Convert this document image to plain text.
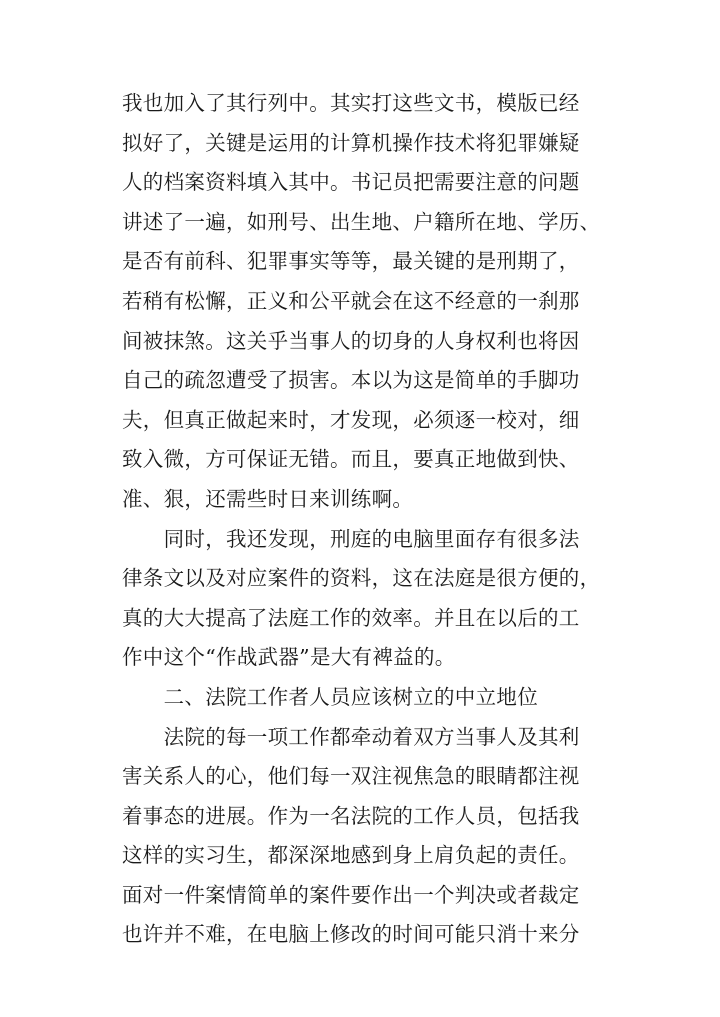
我也加入了其行列中。其实打这些文书，模版已经
拟好了，关键是运用的计算机操作技术将犯罪嫌疑
人的档案资料填入其中。书记员把需要注意的问题
讲述了一遍，如刑号、出生地、户籍所在地、学历、
是否有前科、犯罪事实等等，最关键的是刑期了，
若稍有松懈，正义和公平就会在这不经意的一刹那
间被抹煞。这关乎当事人的切身的人身权利也将因
自己的疏忽遭受了损害。本以为这是简单的手脚功
夫，但真正做起来时，才发现，必须逐一校对，细
致入微，方可保证无错。而且，要真正地做到快、
准、狠，还需些时日来训练啊。
　　同时，我还发现，刑庭的电脑里面存有很多法
律条文以及对应案件的资料，这在法庭是很方便的，
真的大大提高了法庭工作的效率。并且在以后的工
作中这个“作战武器”是大有裨益的。
　　二、法院工作者人员应该树立的中立地位
　　法院的每一项工作都牵动着双方当事人及其利
害关系人的心，他们每一双注视焦急的眼睛都注视
着事态的进展。作为一名法院的工作人员，包括我
这样的实习生，都深深地感到身上肩负起的责任。
面对一件案情简单的案件要作出一个判决或者裁定
也许并不难，在电脑上修改的时间可能只消十来分
